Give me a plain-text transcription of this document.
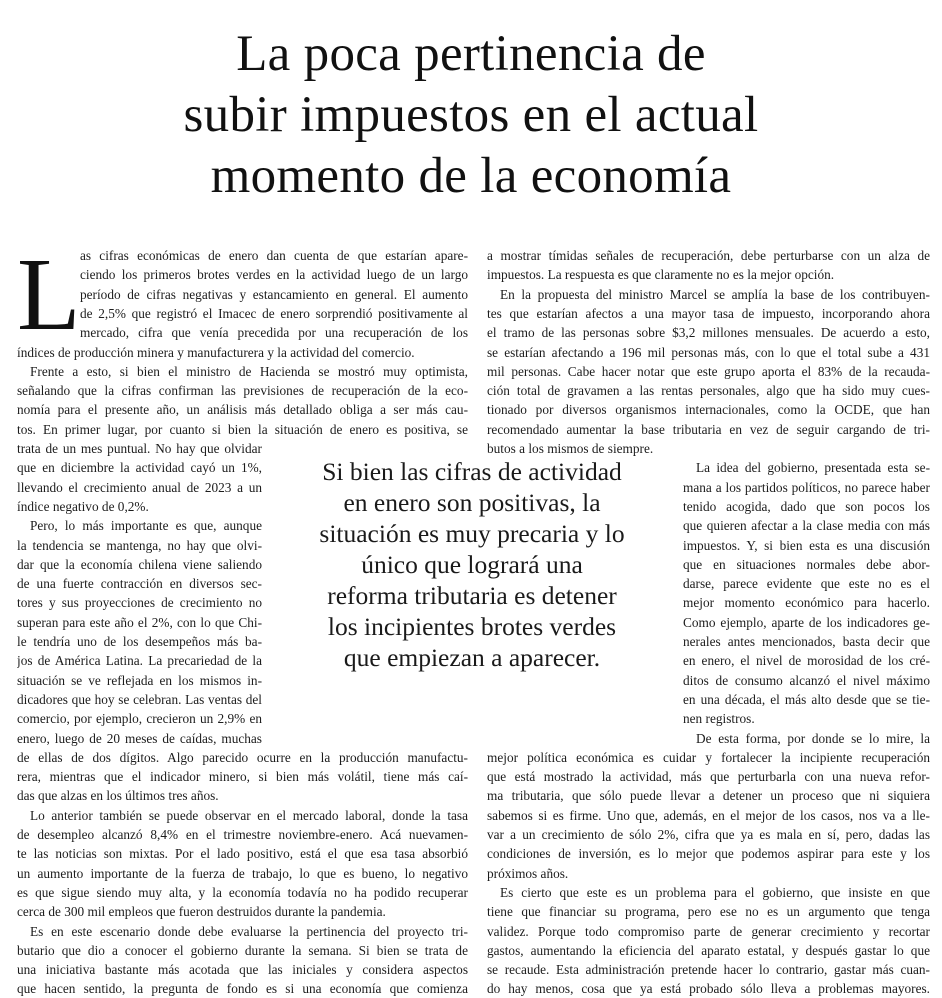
La poca pertinencia de
subir impuestos en el actual
momento de la economía
L as cifras económicas de enero dan cuenta de que estarían apare-
ciendo los primeros brotes verdes en la actividad luego de un largo
período de cifras negativas y estancamiento en general. El aumento
de 2,5% que registró el Imacec de enero sorprendió positivamente al
mercado, cifra que venía precedida por una recuperación de los
índices de producción minera y manufacturera y la actividad del comercio.
Frente a esto, si bien el ministro de Hacienda se mostró muy optimista,
señalando que la cifras confirman las previsiones de recuperación de la eco-
nomía para el presente año, un análisis más detallado obliga a ser más cau-
tos. En primer lugar, por cuanto si bien la situación de enero es positiva, se
trata de un mes puntual. No hay que olvidar
que en diciembre la actividad cayó un 1%,
llevando el crecimiento anual de 2023 a un
índice negativo de 0,2%.
Pero, lo más importante es que, aunque
la tendencia se mantenga, no hay que olvi-
dar que la economía chilena viene saliendo
de una fuerte contracción en diversos sec-
tores y sus proyecciones de crecimiento no
superan para este año el 2%, con lo que Chi-
le tendría uno de los desempeños más ba-
jos de América Latina. La precariedad de la
situación se ve reflejada en los mismos in-
dicadores que hoy se celebran. Las ventas del
comercio, por ejemplo, crecieron un 2,9% en
enero, luego de 20 meses de caídas, muchas
de ellas de dos dígitos. Algo parecido ocurre en la producción manufactu-
rera, mientras que el indicador minero, si bien más volátil, tiene más caí-
das que alzas en los últimos tres años.
Lo anterior también se puede observar en el mercado laboral, donde la tasa
de desempleo alcanzó 8,4% en el trimestre noviembre-enero. Acá nuevamen-
te las noticias son mixtas. Por el lado positivo, está el que esa tasa absorbió
un aumento importante de la fuerza de trabajo, lo que es bueno, lo negativo
es que sigue siendo muy alta, y la economía todavía no ha podido recuperar
cerca de 300 mil empleos que fueron destruidos durante la pandemia.
Es en este escenario donde debe evaluarse la pertinencia del proyecto tri-
butario que dio a conocer el gobierno durante la semana. Si bien se trata de
una iniciativa bastante más acotada que las iniciales y considera aspectos
que hacen sentido, la pregunta de fondo es si una economía que comienza
a mostrar tímidas señales de recuperación, debe perturbarse con un alza de
impuestos. La respuesta es que claramente no es la mejor opción.
En la propuesta del ministro Marcel se amplía la base de los contribuyen-
tes que estarían afectos a una mayor tasa de impuesto, incorporando ahora
el tramo de las personas sobre $3,2 millones mensuales. De acuerdo a esto,
se estarían afectando a 196 mil personas más, con lo que el total sube a 431
mil personas. Cabe hacer notar que este grupo aporta el 83% de la recauda-
ción total de gravamen a las rentas personales, algo que ha sido muy cues-
tionado por diversos organismos internacionales, como la OCDE, que han
recomendado aumentar la base tributaria en vez de seguir cargando de tri-
butos a los mismos de siempre.
La idea del gobierno, presentada esta se-
mana a los partidos políticos, no parece haber
tenido acogida, dado que son pocos los
que quieren afectar a la clase media con más
impuestos. Y, si bien esta es una discusión
que en situaciones normales debe abor-
darse, parece evidente que este no es el
mejor momento económico para hacerlo.
Como ejemplo, aparte de los indicadores ge-
nerales antes mencionados, basta decir que
en enero, el nivel de morosidad de los cré-
ditos de consumo alcanzó el nivel máximo
en una década, el más alto desde que se tie-
nen registros.
De esta forma, por donde se lo mire, la
mejor política económica es cuidar y fortalecer la incipiente recuperación
que está mostrado la actividad, más que perturbarla con una nueva refor-
ma tributaria, que sólo puede llevar a detener un proceso que ni siquiera
sabemos si es firme. Uno que, además, en el mejor de los casos, nos va a lle-
var a un crecimiento de sólo 2%, cifra que ya es mala en sí, pero, dadas las
condiciones de inversión, es lo mejor que podemos aspirar para este y los
próximos años.
Es cierto que este es un problema para el gobierno, que insiste en que
tiene que financiar su programa, pero ese no es un argumento que tenga
validez. Porque todo compromiso parte de generar crecimiento y recortar
gastos, aumentando la eficiencia del aparato estatal, y después gastar lo que
se recaude. Esta administración pretende hacer lo contrario, gastar más cuan-
do hay menos, cosa que ya está probado sólo lleva a problemas mayores.
Si bien las cifras de actividad
en enero son positivas, la
situación es muy precaria y lo
único que logrará una
reforma tributaria es detener
los incipientes brotes verdes
que empiezan a aparecer.
